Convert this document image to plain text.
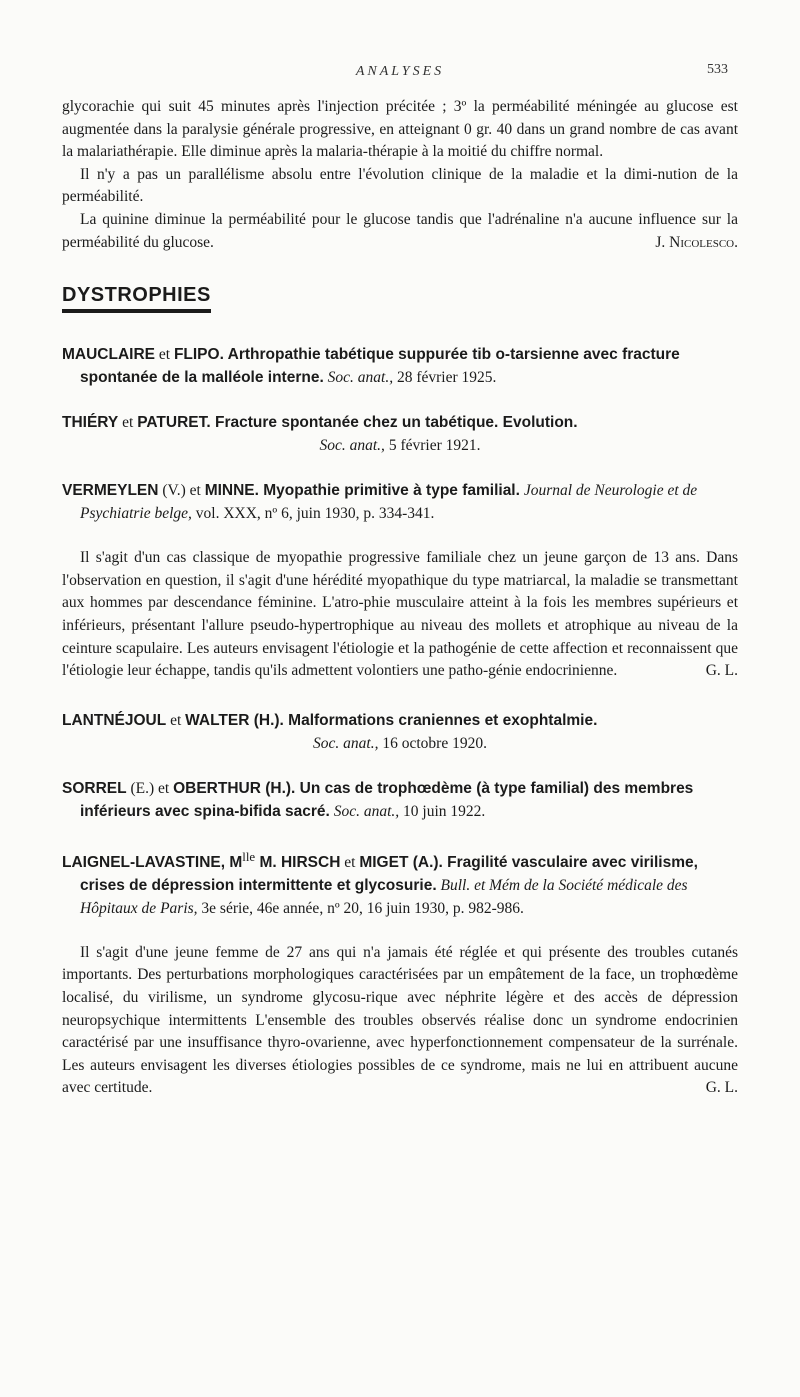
ANALYSES	533

glycorachie qui suit 45 minutes après l'injection précitée ; 3º la perméabilité méningée au glucose est augmentée dans la paralysie générale progressive, en atteignant 0 gr. 40 dans un grand nombre de cas avant la malariathérapie. Elle diminue après la malaria-thérapie à la moitié du chiffre normal.

Il n'y a pas un parallélisme absolu entre l'évolution clinique de la maladie et la dimi-nution de la perméabilité.

La quinine diminue la perméabilité pour le glucose tandis que l'adrénaline n'a aucune influence sur la perméabilité du glucose.	J. Nicolesco.

DYSTROPHIES
MAUCLAIRE et FLIPO. Arthropathie tabétique suppurée tib o-tarsienne avec fracture spontanée de la malléole interne. Soc. anat., 28 février 1925.
THIÉRY et PATURET. Fracture spontanée chez un tabétique. Evolution.
Soc. anat., 5 février 1921.
VERMEYLEN (V.) et MINNE. Myopathie primitive à type familial. Journal de Neurologie et de Psychiatrie belge, vol. XXX, nº 6, juin 1930, p. 334-341.

Il s'agit d'un cas classique de myopathie progressive familiale chez un jeune garçon de 13 ans. Dans l'observation en question, il s'agit d'une hérédité myopathique du type matriarcal, la maladie se transmettant aux hommes par descendance féminine. L'atro-phie musculaire atteint à la fois les membres supérieurs et inférieurs, présentant l'allure pseudo-hypertrophique au niveau des mollets et atrophique au niveau de la ceinture scapulaire. Les auteurs envisagent l'étiologie et la pathogénie de cette affection et reconnaissent que l'étiologie leur échappe, tandis qu'ils admettent volontiers une patho-génie endocrinienne.	G. L.

LANTNÉJOUL et WALTER (H.). Malformations craniennes et exophtalmie.
Soc. anat., 16 octobre 1920.
SORREL (E.) et OBERTHUR (H.). Un cas de trophœdème (à type familial) des membres inférieurs avec spina-bifida sacré. Soc. anat., 10 juin 1922.
LAIGNEL-LAVASTINE, $M^{lle}$ M. HIRSCH et MIGET (A.). Fragilité vasculaire avec virilisme, crises de dépression intermittente et glycosurie. Bull. et Mém de la Société médicale des Hôpitaux de Paris, 3e série, 46e année, nº 20, 16 juin 1930, p. 982-986.

Il s'agit d'une jeune femme de 27 ans qui n'a jamais été réglée et qui présente des troubles cutanés importants. Des perturbations morphologiques caractérisées par un empâtement de la face, un trophœdème localisé, du virilisme, un syndrome glycosu-rique avec néphrite légère et des accès de dépression neuropsychique intermittents L'ensemble des troubles observés réalise donc un syndrome endocrinien caractérisé par une insuffisance thyro-ovarienne, avec hyperfonctionnement compensateur de la surrénale. Les auteurs envisagent les diverses étiologies possibles de ce syndrome, mais ne lui en attribuent aucune avec certitude.	G. L.
